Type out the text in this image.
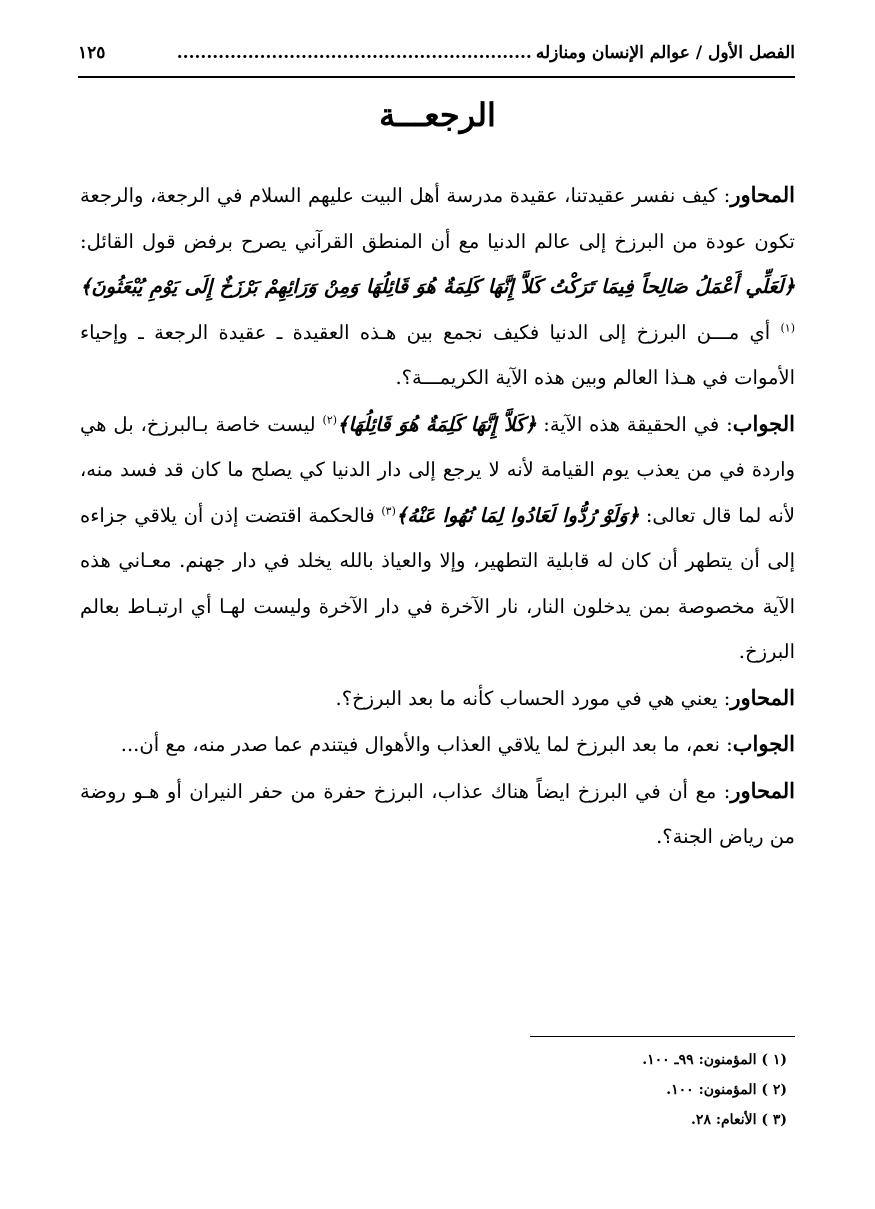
الفصل الأول / عوالم الإنسان ومنازله
............................................................
١٢٥
الرجعـــة

المحاور: كيف نفسر عقيدتنا، عقيدة مدرسة أهل البيت عليهم السلام في الرجعة، والرجعة تكون عودة من البرزخ إلى عالم الدنيا مع أن المنطق القرآني يصرح برفض قول القائل: ﴿لَعَلِّي أَعْمَلُ صَالِحاً فِيمَا تَرَكْتُ كَلاَّ إِنَّهَا كَلِمَةٌ هُوَ قَائِلُهَا وَمِنْ وَرَائِهِمْ بَرْزَخٌ إِلَى يَوْمِ يُبْعَثُونَ﴾$^{(١)}$ أي مـــن البرزخ إلى الدنيا فكيف نجمع بين هـذه العقيدة ـ عقيدة الرجعة ـ وإحياء الأموات في هـذا العالم وبين هذه الآية الكريمـــة؟.

الجواب: في الحقيقة هذه الآية: ﴿كَلاَّ إِنَّهَا كَلِمَةٌ هُوَ قَائِلُهَا﴾$^{(٢)}$ ليست خاصة بـالبرزخ، بل هي واردة في من يعذب يوم القيامة لأنه لا يرجع إلى دار الدنيا كي يصلح ما كان قد فسد منه، لأنه لما قال تعالى: ﴿وَلَوْ رُدُّوا لَعَادُوا لِمَا نُهُوا عَنْهُ﴾$^{(٣)}$ فالحكمة اقتضت إذن أن يلاقي جزاءه إلى أن يتطهر أن كان له قابلية التطهير، وإلا والعياذ بالله يخلد في دار جهنم. معـاني هذه الآية مخصوصة بمن يدخلون النار، نار الآخرة في دار الآخرة وليست لهـا أي ارتبـاط بعالم البرزخ.

المحاور: يعني هي في مورد الحساب كأنه ما بعد البرزخ؟.

الجواب: نعم، ما بعد البرزخ لما يلاقي العذاب والأهوال فيتندم عما صدر منه، مع أن...

المحاور: مع أن في البرزخ ايضاً هناك عذاب، البرزخ حفرة من حفر النيران أو هـو روضة من رياض الجنة؟.

(١ ) المؤمنون: ٩٩ـ ١٠٠.
(٢ ) المؤمنون: ١٠٠.
(٣ ) الأنعام: ٢٨.
